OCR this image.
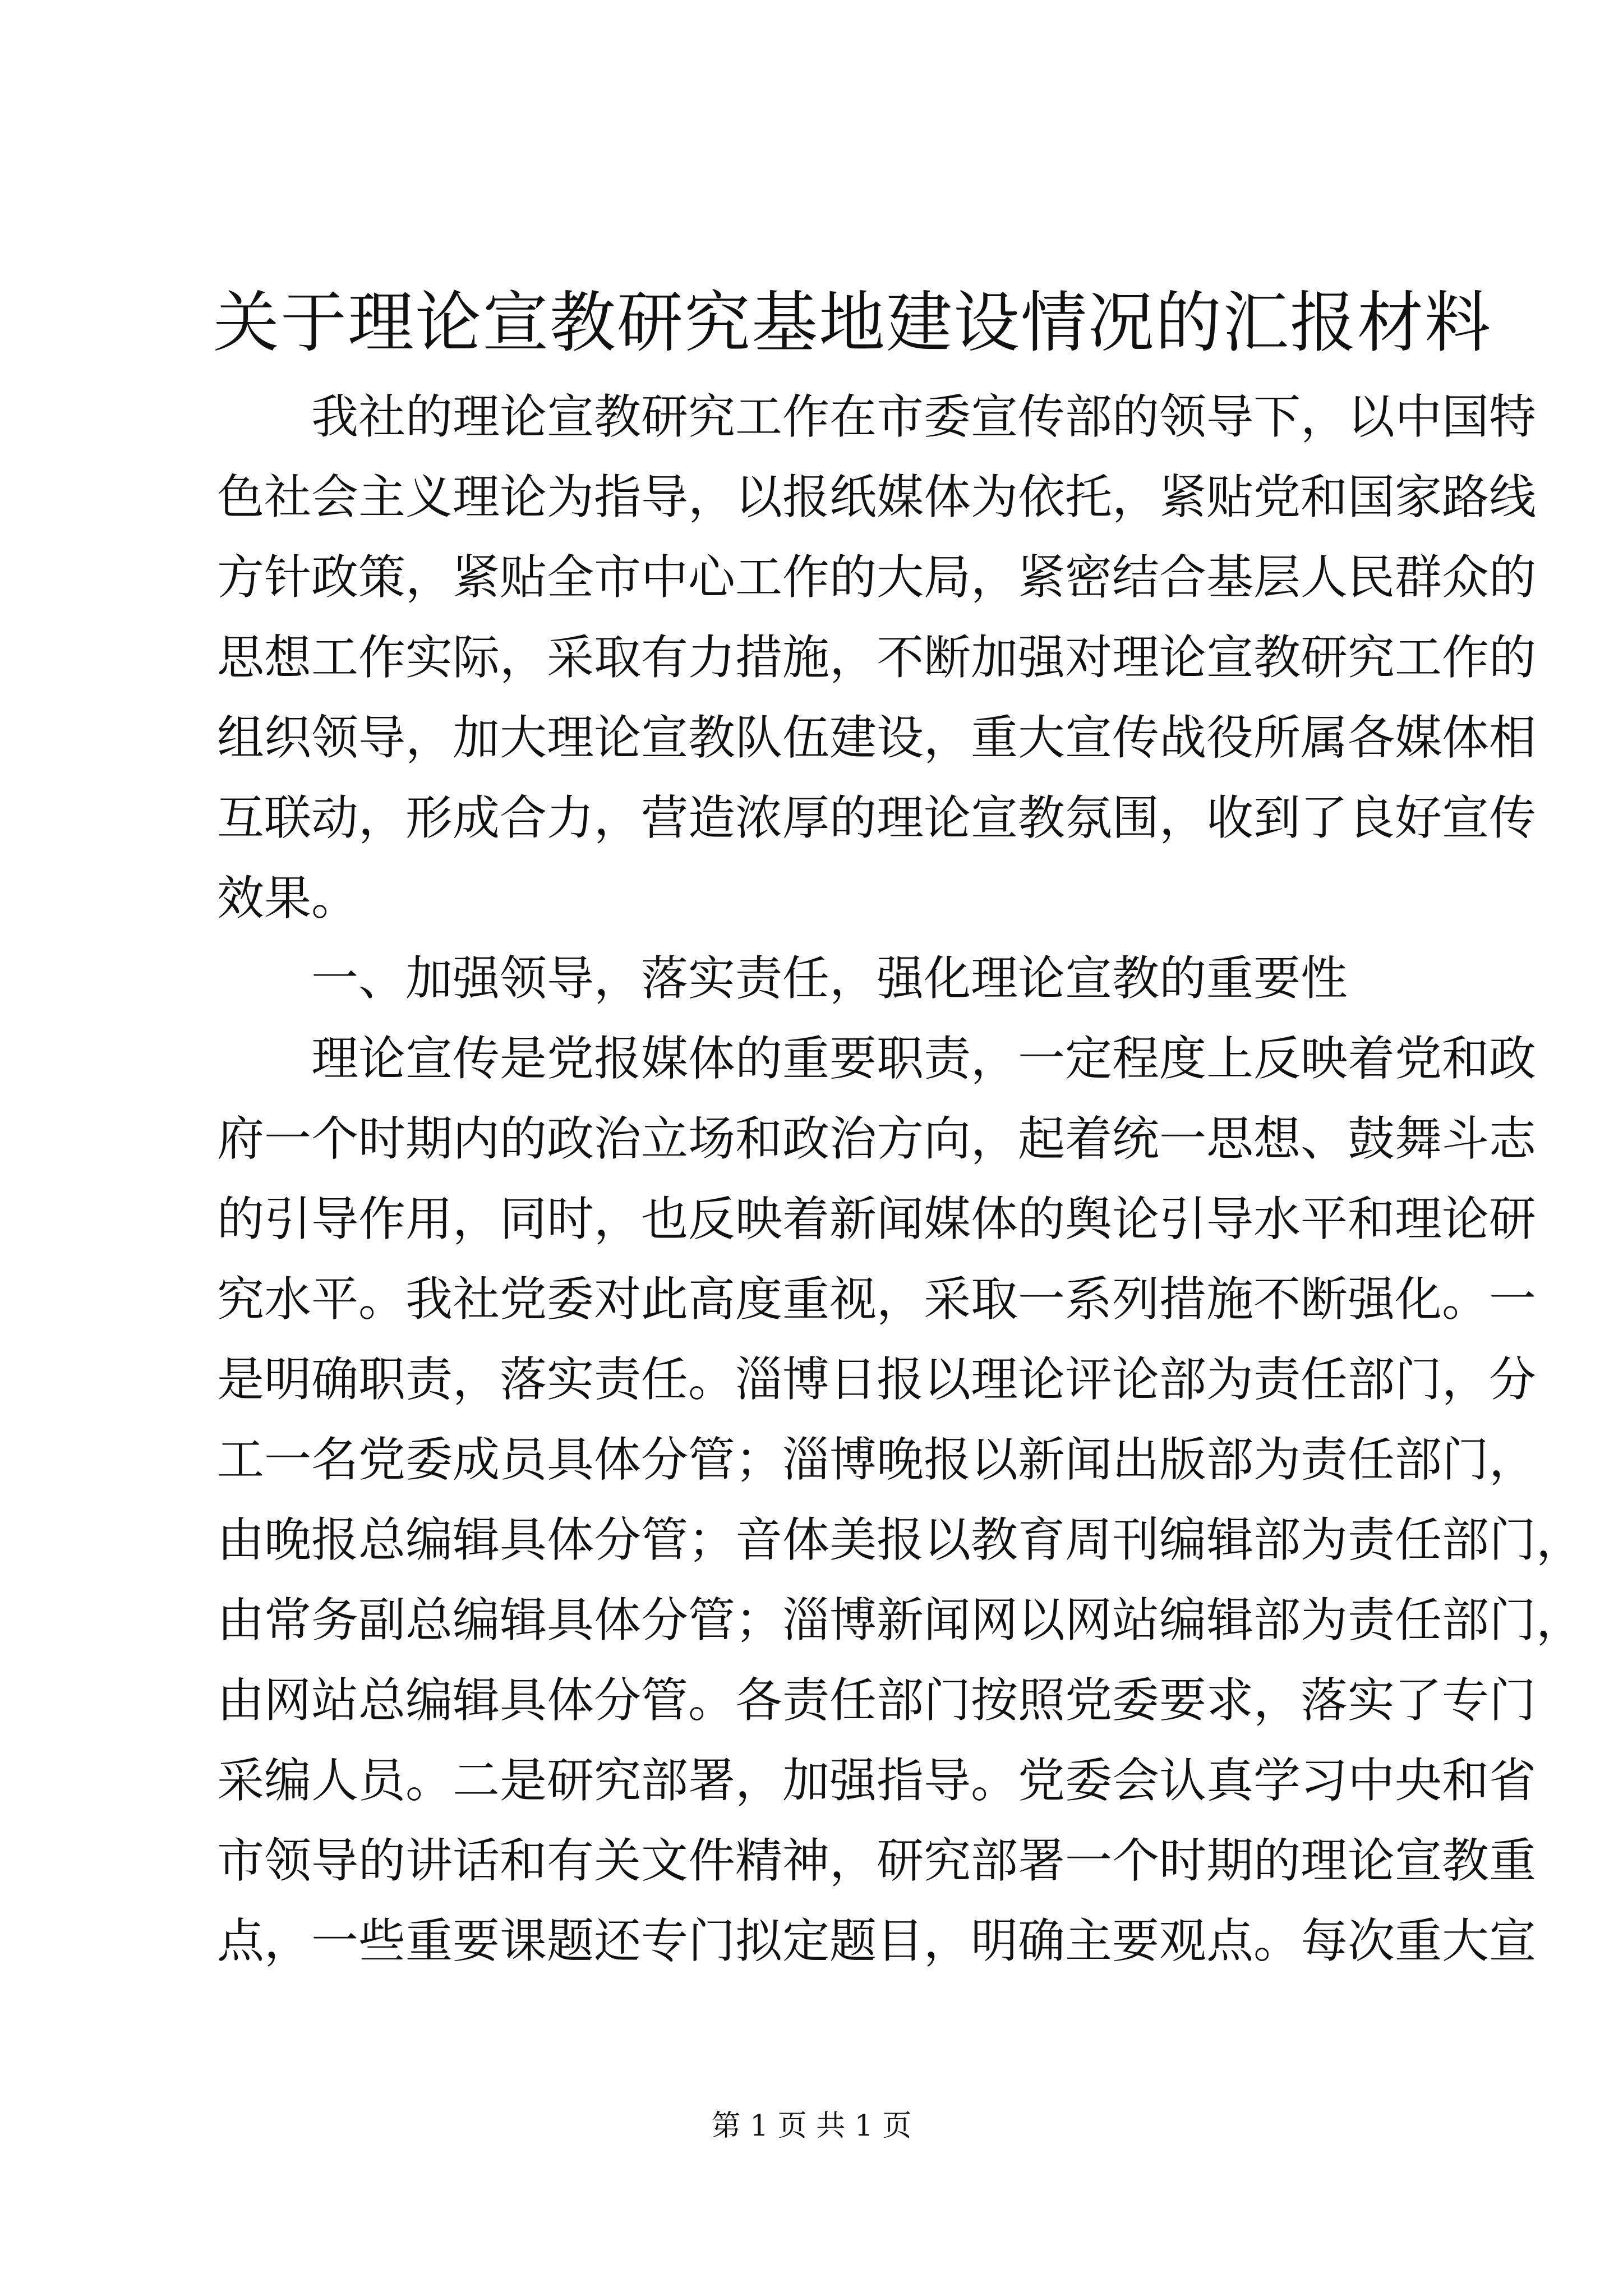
关于理论宣教研究基地建设情况的汇报材料
我社的理论宣教研究工作在市委宣传部的领导下，以中国特
色社会主义理论为指导，以报纸媒体为依托，紧贴党和国家路线
方针政策，紧贴全市中心工作的大局，紧密结合基层人民群众的
思想工作实际，采取有力措施，不断加强对理论宣教研究工作的
组织领导，加大理论宣教队伍建设，重大宣传战役所属各媒体相
互联动，形成合力，营造浓厚的理论宣教氛围，收到了良好宣传
效果。
一、加强领导，落实责任，强化理论宣教的重要性
理论宣传是党报媒体的重要职责，一定程度上反映着党和政
府一个时期内的政治立场和政治方向，起着统一思想、鼓舞斗志
的引导作用，同时，也反映着新闻媒体的舆论引导水平和理论研
究水平。我社党委对此高度重视，采取一系列措施不断强化。一
是明确职责，落实责任。淄博日报以理论评论部为责任部门，分
工一名党委成员具体分管；淄博晚报以新闻出版部为责任部门，
由晚报总编辑具体分管；音体美报以教育周刊编辑部为责任部门，
由常务副总编辑具体分管；淄博新闻网以网站编辑部为责任部门，
由网站总编辑具体分管。各责任部门按照党委要求，落实了专门
采编人员。二是研究部署，加强指导。党委会认真学习中央和省
市领导的讲话和有关文件精神，研究部署一个时期的理论宣教重
点，一些重要课题还专门拟定题目，明确主要观点。每次重大宣
第 1 页 共 1 页
